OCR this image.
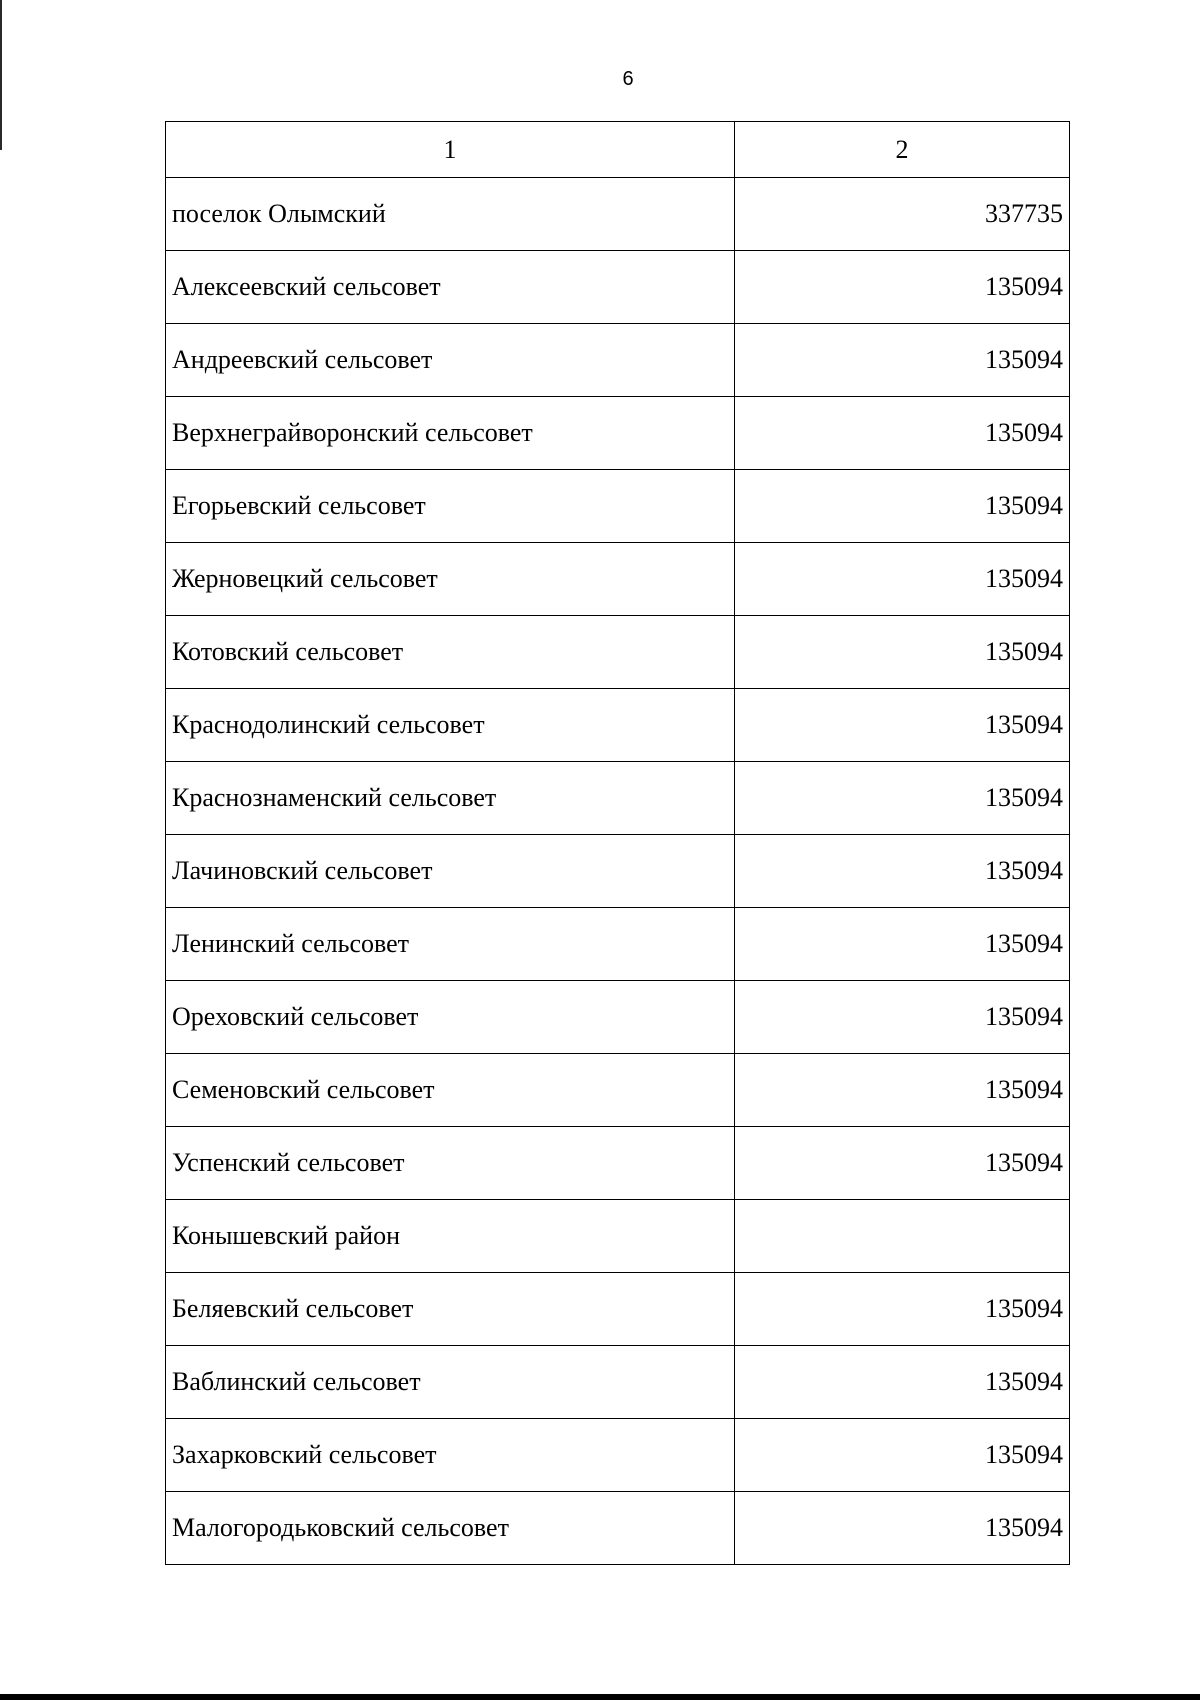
6
1	2
поселок Олымский	337735
Алексеевский сельсовет	135094
Андреевский сельсовет	135094
Верхнеграйворонский сельсовет	135094
Егорьевский сельсовет	135094
Жерновецкий сельсовет	135094
Котовский сельсовет	135094
Краснодолинский сельсовет	135094
Краснознаменский сельсовет	135094
Лачиновский сельсовет	135094
Ленинский сельсовет	135094
Ореховский сельсовет	135094
Семеновский сельсовет	135094
Успенский сельсовет	135094
Конышевский район	
Беляевский сельсовет	135094
Ваблинский сельсовет	135094
Захарковский сельсовет	135094
Малогородьковский сельсовет	135094
